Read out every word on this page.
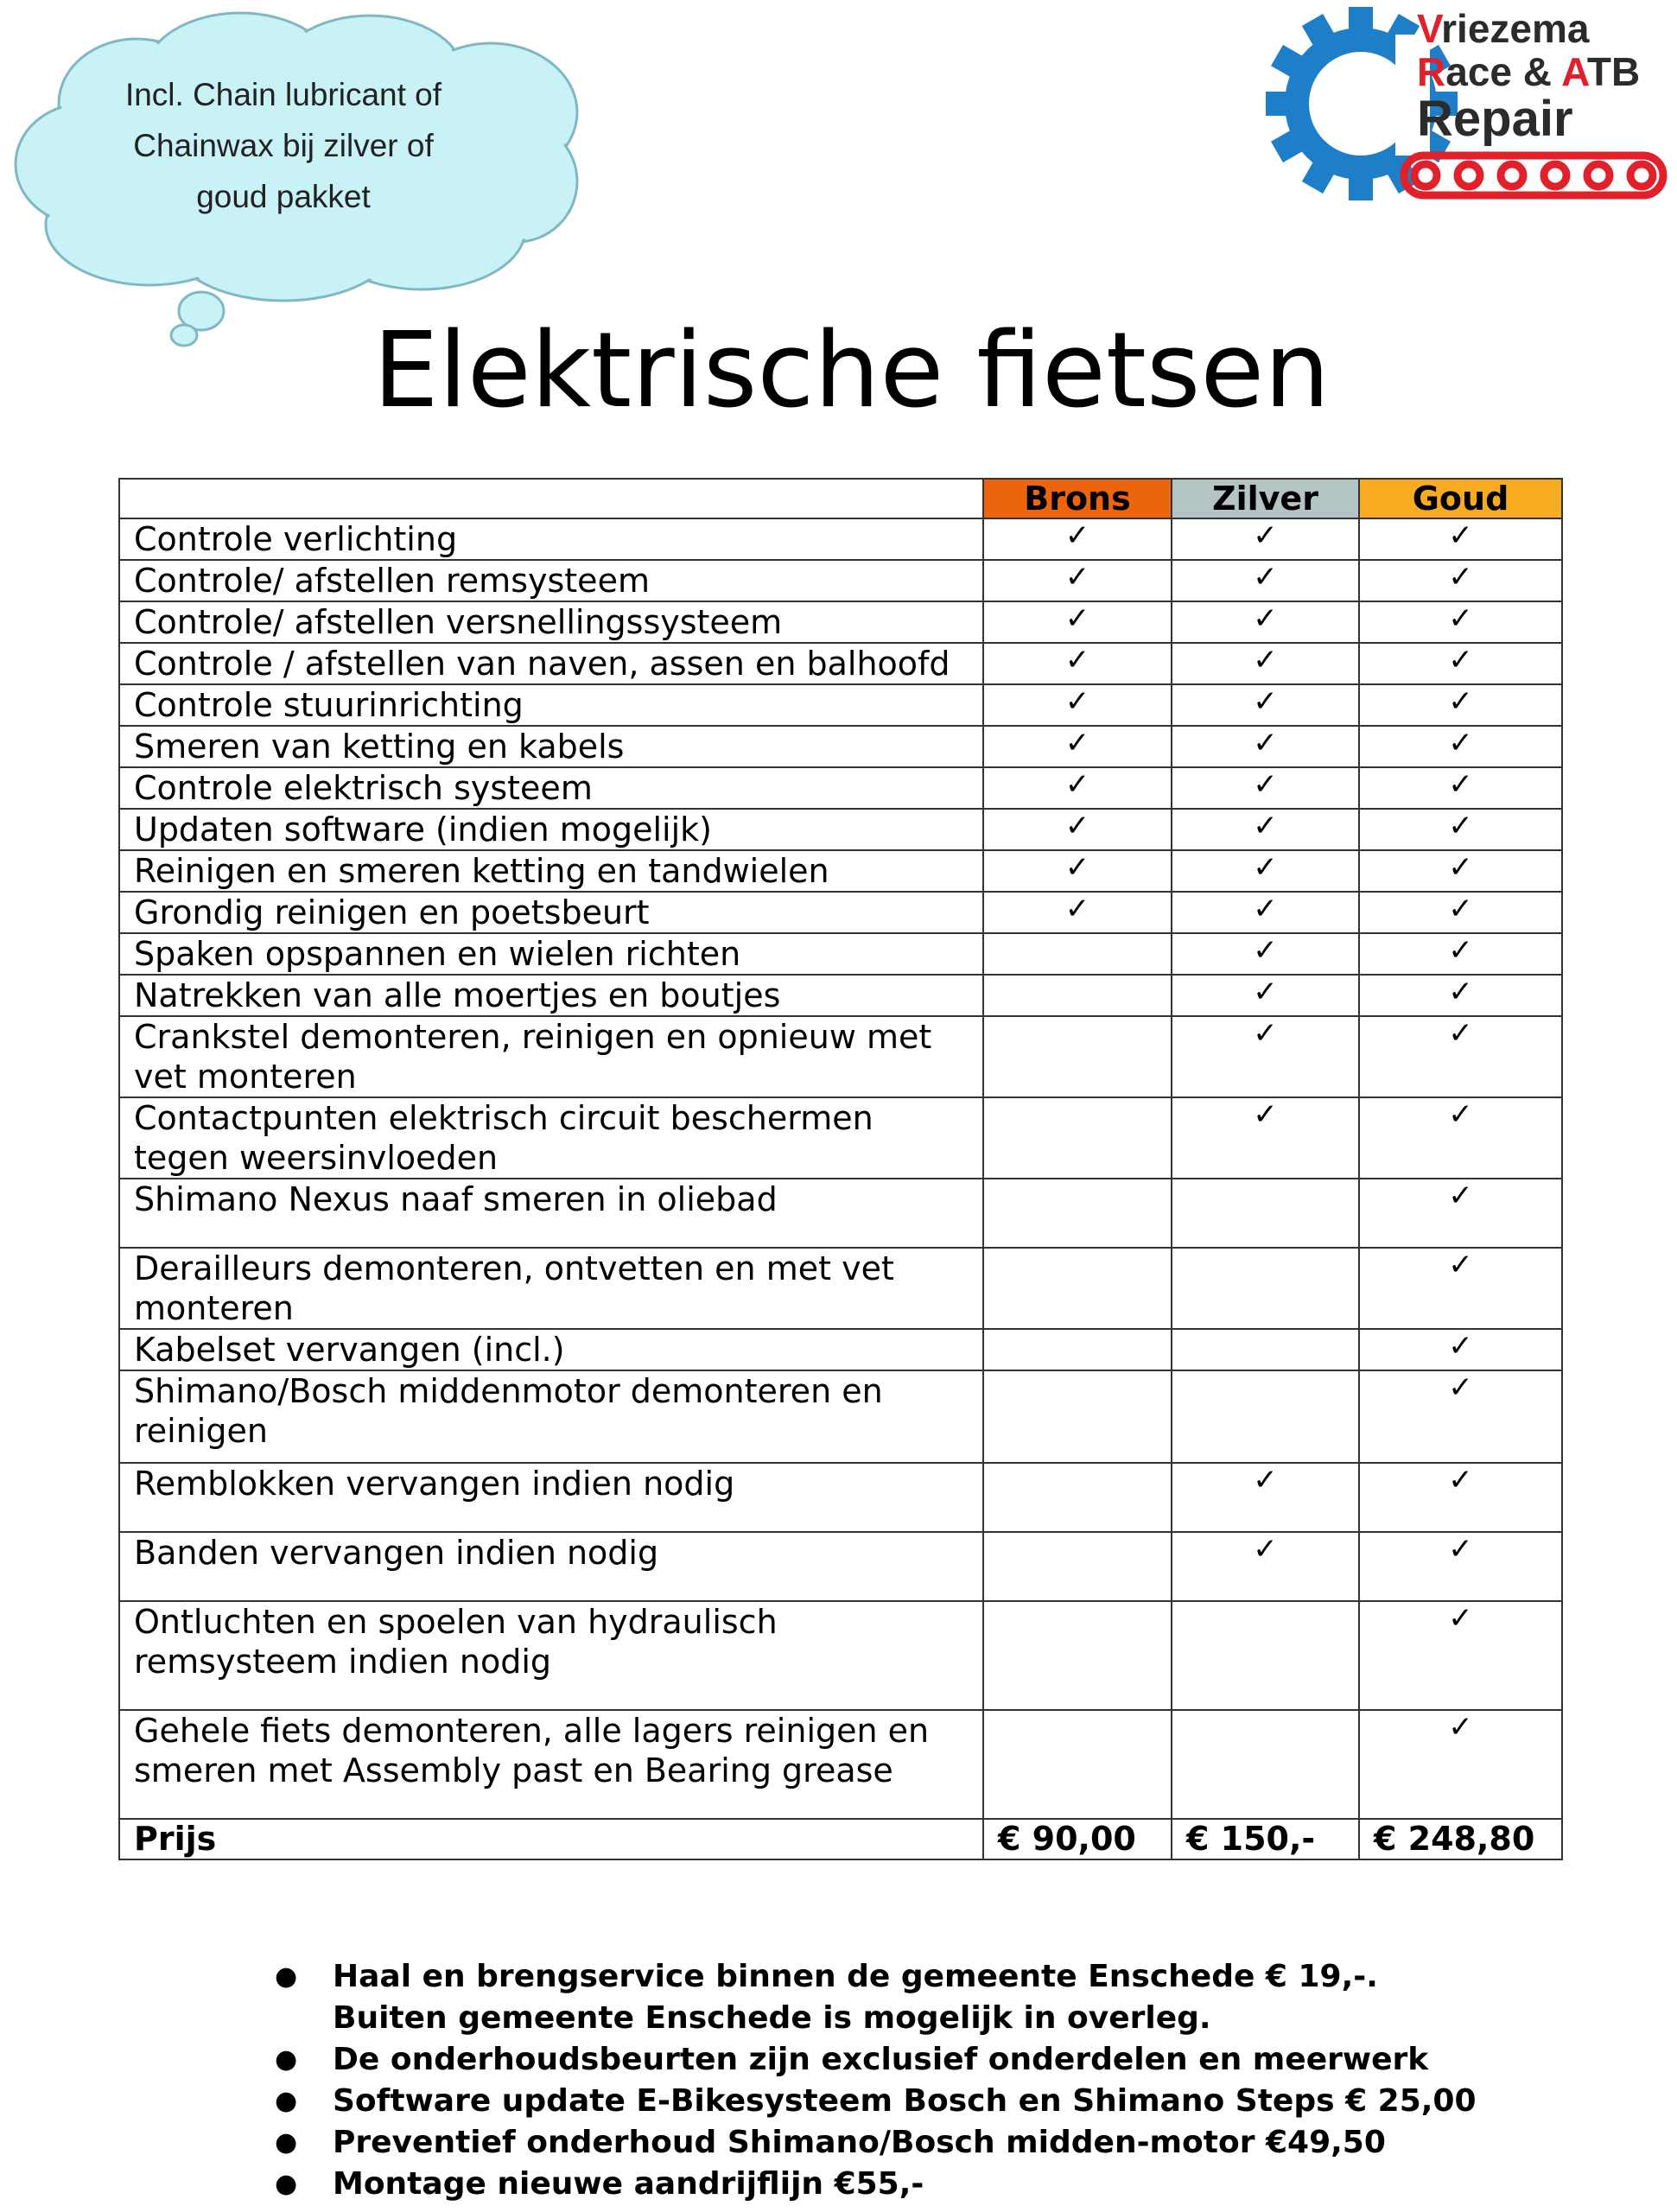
Incl. Chain lubricant of
Chainwax bij zilver of
goud pakket
Vriezema
Race & ATB
Repair
Elektrische fietsen
	Brons	Zilver	Goud
Controle verlichting	✓	✓	✓
Controle/ afstellen remsysteem	✓	✓	✓
Controle/ afstellen versnellingssysteem	✓	✓	✓
Controle / afstellen van naven, assen en balhoofd	✓	✓	✓
Controle stuurinrichting	✓	✓	✓
Smeren van ketting en kabels	✓	✓	✓
Controle elektrisch systeem	✓	✓	✓
Updaten software (indien mogelijk)	✓	✓	✓
Reinigen en smeren ketting en tandwielen	✓	✓	✓
Grondig reinigen en poetsbeurt	✓	✓	✓
Spaken opspannen en wielen richten		✓	✓
Natrekken van alle moertjes en boutjes		✓	✓
Crankstel demonteren, reinigen en opnieuw met vet monteren		✓	✓
Contactpunten elektrisch circuit beschermen tegen weersinvloeden		✓	✓
Shimano Nexus naaf smeren in oliebad			✓
Derailleurs demonteren, ontvetten en met vet monteren			✓
Kabelset vervangen (incl.)			✓
Shimano/Bosch middenmotor demonteren en reinigen			✓
Remblokken vervangen indien nodig		✓	✓
Banden vervangen indien nodig		✓	✓
Ontluchten en spoelen van hydraulisch remsysteem indien nodig			✓
Gehele fiets demonteren, alle lagers reinigen en smeren met Assembly past en Bearing grease			✓
Prijs	€ 90,00	€ 150,-	€ 248,80
● Haal en brengservice binnen de gemeente Enschede € 19,-. Buiten gemeente Enschede is mogelijk in overleg.
● De onderhoudsbeurten zijn exclusief onderdelen en meerwerk
● Software update E-Bikesysteem Bosch en Shimano Steps € 25,00
● Preventief onderhoud Shimano/Bosch midden-motor €49,50
● Montage nieuwe aandrijflijn €55,-
